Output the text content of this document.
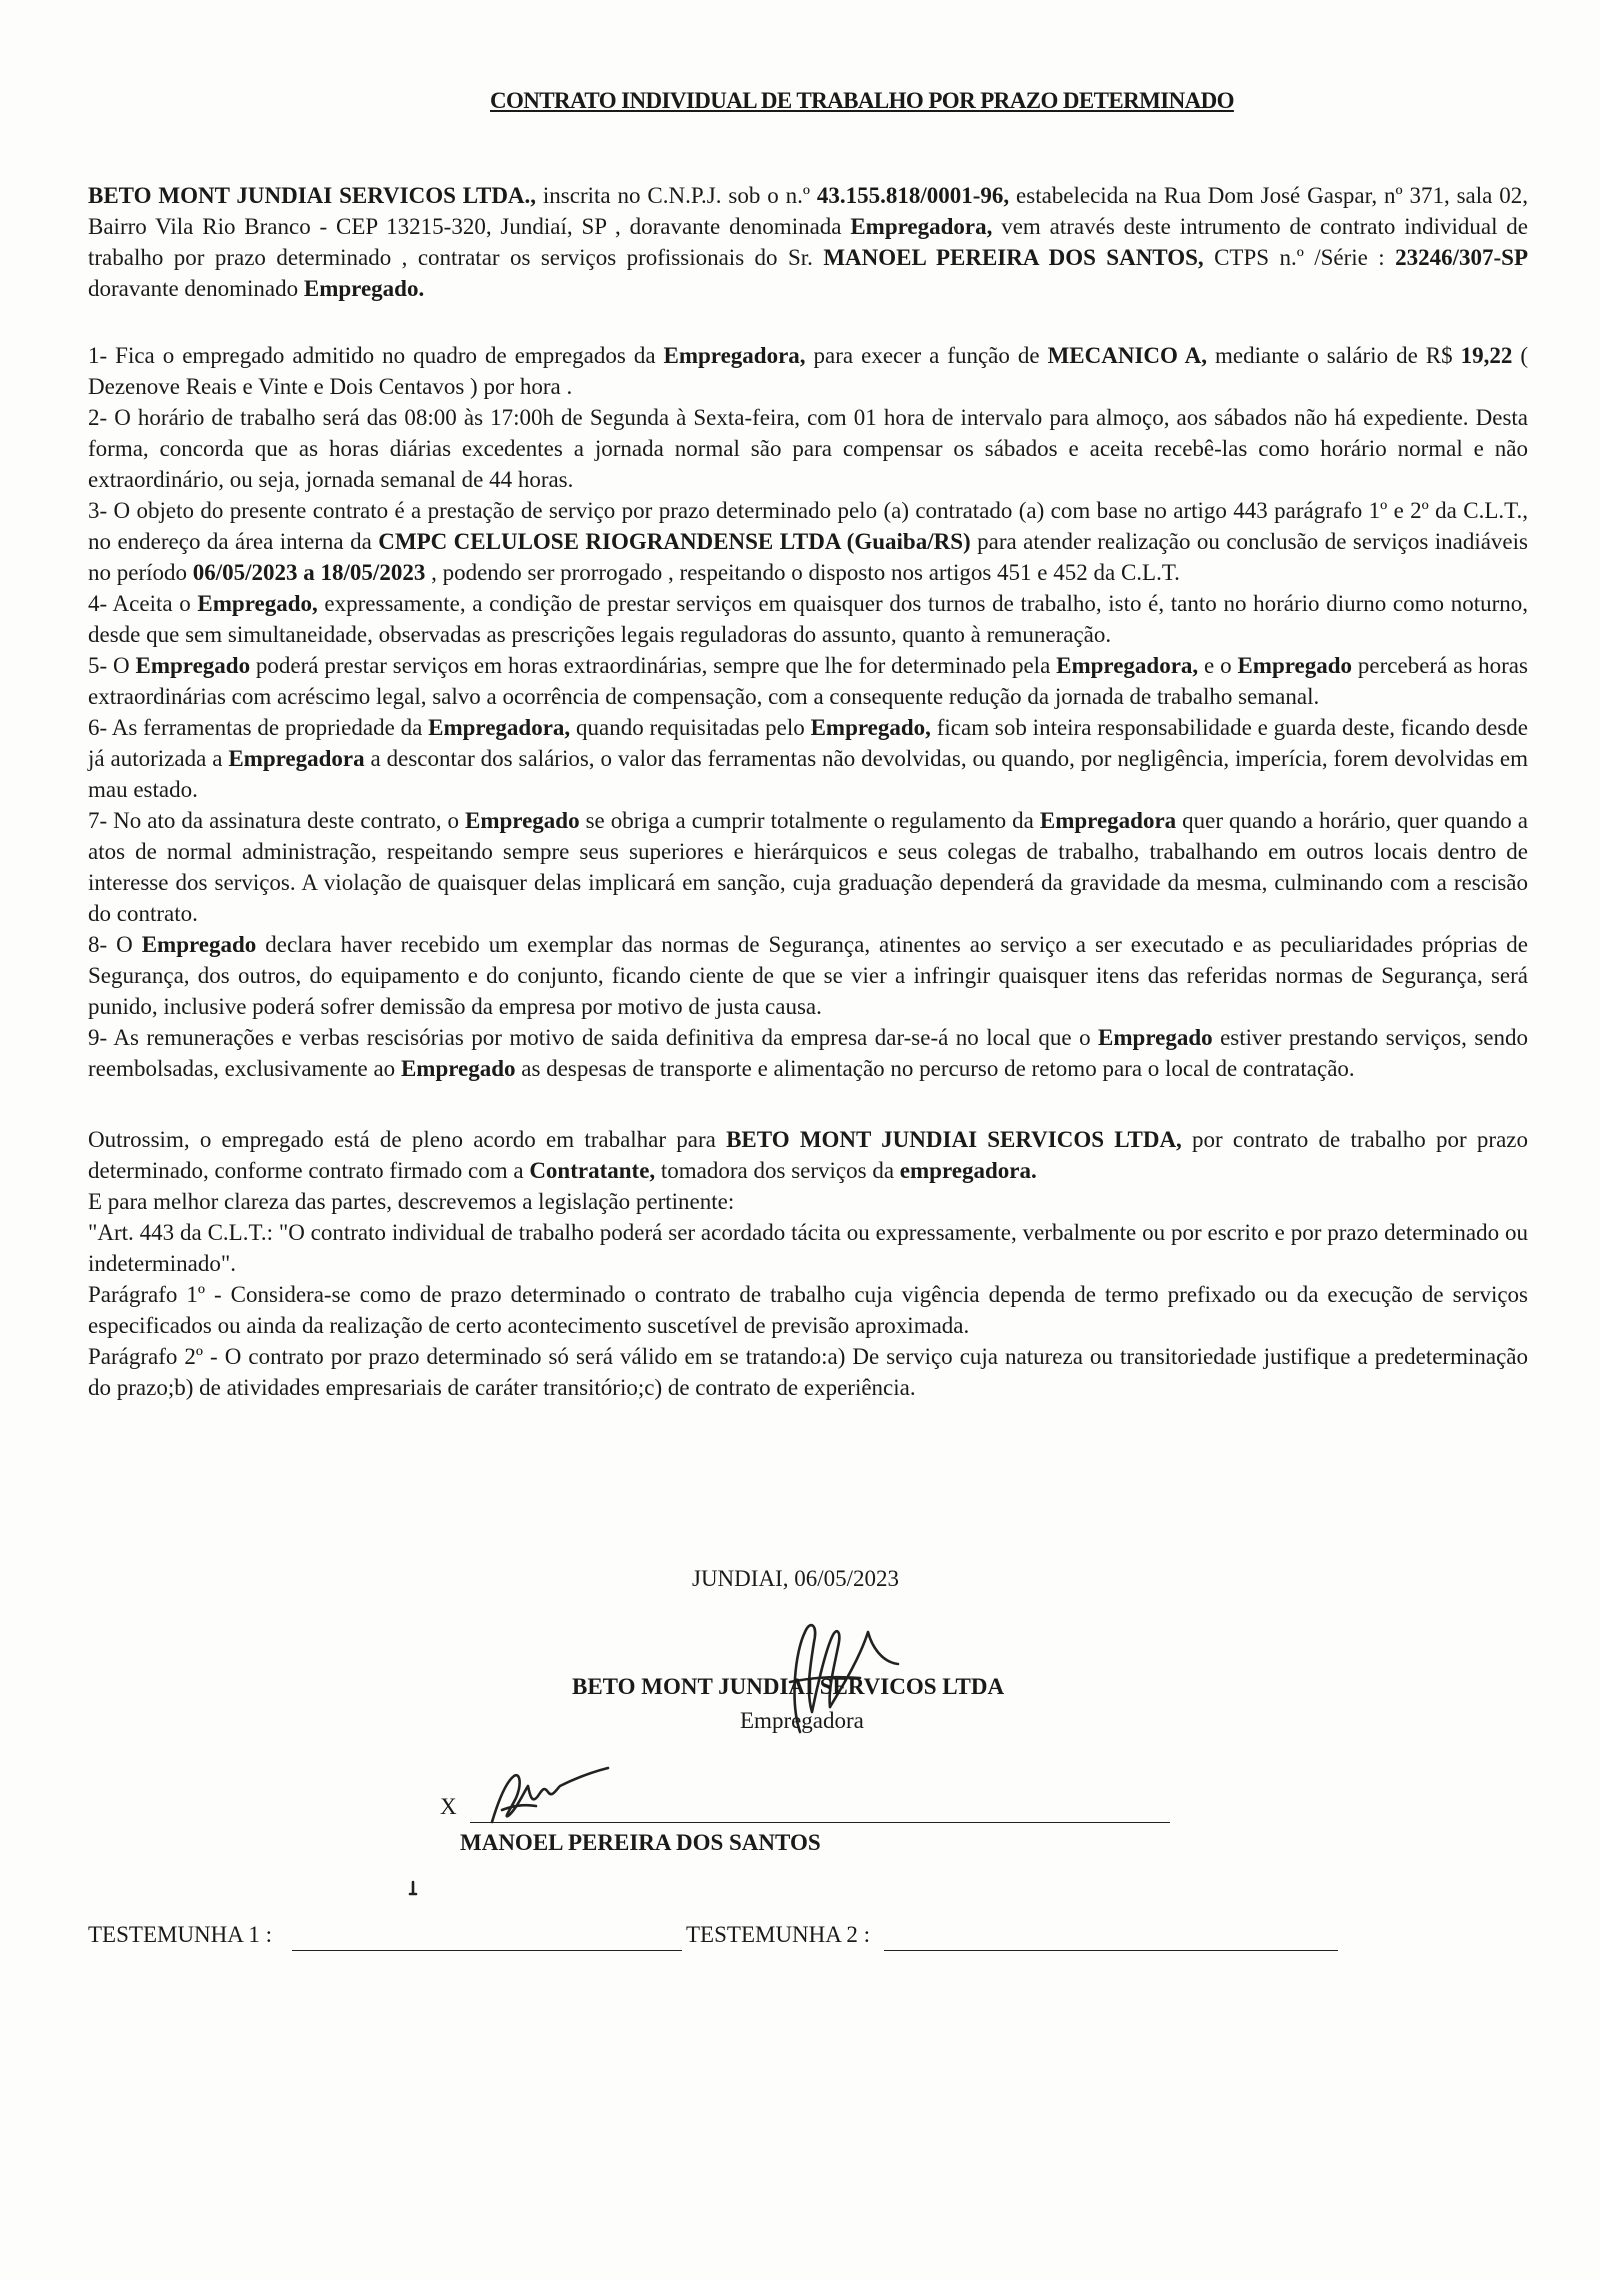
CONTRATO INDIVIDUAL DE TRABALHO POR PRAZO DETERMINADO

BETO MONT JUNDIAI SERVICOS LTDA., inscrita no C.N.P.J. sob o n.º 43.155.818/0001-96, estabelecida na Rua Dom José Gaspar, nº 371, sala 02, Bairro Vila Rio Branco - CEP 13215-320, Jundiaí, SP , doravante denominada Empregadora, vem através deste intrumento de contrato individual de trabalho por prazo determinado , contratar os serviços profissionais do Sr. MANOEL PEREIRA DOS SANTOS, CTPS n.º /Série : 23246/307-SP doravante denominado Empregado.

1- Fica o empregado admitido no quadro de empregados da Empregadora, para execer a função de MECANICO A, mediante o salário de R$ 19,22 ( Dezenove Reais e Vinte e Dois Centavos ) por hora .

2- O horário de trabalho será das 08:00 às 17:00h de Segunda à Sexta-feira, com 01 hora de intervalo para almoço, aos sábados não há expediente. Desta forma, concorda que as horas diárias excedentes a jornada normal são para compensar os sábados e aceita recebê-las como horário normal e não extraordinário, ou seja, jornada semanal de 44 horas.

3- O objeto do presente contrato é a prestação de serviço por prazo determinado pelo (a) contratado (a) com base no artigo 443 parágrafo 1º e 2º da C.L.T., no endereço da área interna da CMPC CELULOSE RIOGRANDENSE LTDA (Guaiba/RS) para atender realização ou conclusão de serviços inadiáveis no período 06/05/2023 a 18/05/2023 , podendo ser prorrogado , respeitando o disposto nos artigos 451 e 452 da C.L.T.

4- Aceita o Empregado, expressamente, a condição de prestar serviços em quaisquer dos turnos de trabalho, isto é, tanto no horário diurno como noturno, desde que sem simultaneidade, observadas as prescrições legais reguladoras do assunto, quanto à remuneração.

5- O Empregado poderá prestar serviços em horas extraordinárias, sempre que lhe for determinado pela Empregadora, e o Empregado perceberá as horas extraordinárias com acréscimo legal, salvo a ocorrência de compensação, com a consequente redução da jornada de trabalho semanal.

6- As ferramentas de propriedade da Empregadora, quando requisitadas pelo Empregado, ficam sob inteira responsabilidade e guarda deste, ficando desde já autorizada a Empregadora a descontar dos salários, o valor das ferramentas não devolvidas, ou quando, por negligência, imperícia, forem devolvidas em mau estado.

7- No ato da assinatura deste contrato, o Empregado se obriga a cumprir totalmente o regulamento da Empregadora quer quando a horário, quer quando a atos de normal administração, respeitando sempre seus superiores e hierárquicos e seus colegas de trabalho, trabalhando em outros locais dentro de interesse dos serviços. A violação de quaisquer delas implicará em sanção, cuja graduação dependerá da gravidade da mesma, culminando com a rescisão do contrato.

8- O Empregado declara haver recebido um exemplar das normas de Segurança, atinentes ao serviço a ser executado e as peculiaridades próprias de Segurança, dos outros, do equipamento e do conjunto, ficando ciente de que se vier a infringir quaisquer itens das referidas normas de Segurança, será punido, inclusive poderá sofrer demissão da empresa por motivo de justa causa.

9- As remunerações e verbas rescisórias por motivo de saida definitiva da empresa dar-se-á no local que o Empregado estiver prestando serviços, sendo reembolsadas, exclusivamente ao Empregado as despesas de transporte e alimentação no percurso de retomo para o local de contratação.

Outrossim, o empregado está de pleno acordo em trabalhar para BETO MONT JUNDIAI SERVICOS LTDA, por contrato de trabalho por prazo determinado, conforme contrato firmado com a Contratante, tomadora dos serviços da empregadora.

E para melhor clareza das partes, descrevemos a legislação pertinente:

"Art. 443 da C.L.T.: "O contrato individual de trabalho poderá ser acordado tácita ou expressamente, verbalmente ou por escrito e por prazo determinado ou indeterminado".

Parágrafo 1º - Considera-se como de prazo determinado o contrato de trabalho cuja vigência dependa de termo prefixado ou da execução de serviços especificados ou ainda da realização de certo acontecimento suscetível de previsão aproximada.

Parágrafo 2º - O contrato por prazo determinado só será válido em se tratando:a) De serviço cuja natureza ou transitoriedade justifique a predeterminação do prazo;b) de atividades empresariais de caráter transitório;c) de contrato de experiência.

JUNDIAI, 06/05/2023
BETO MONT JUNDIAI SERVICOS LTDA
Empregadora
X
MANOEL PEREIRA DOS SANTOS
TESTEMUNHA 1 :	TESTEMUNHA 2 :
